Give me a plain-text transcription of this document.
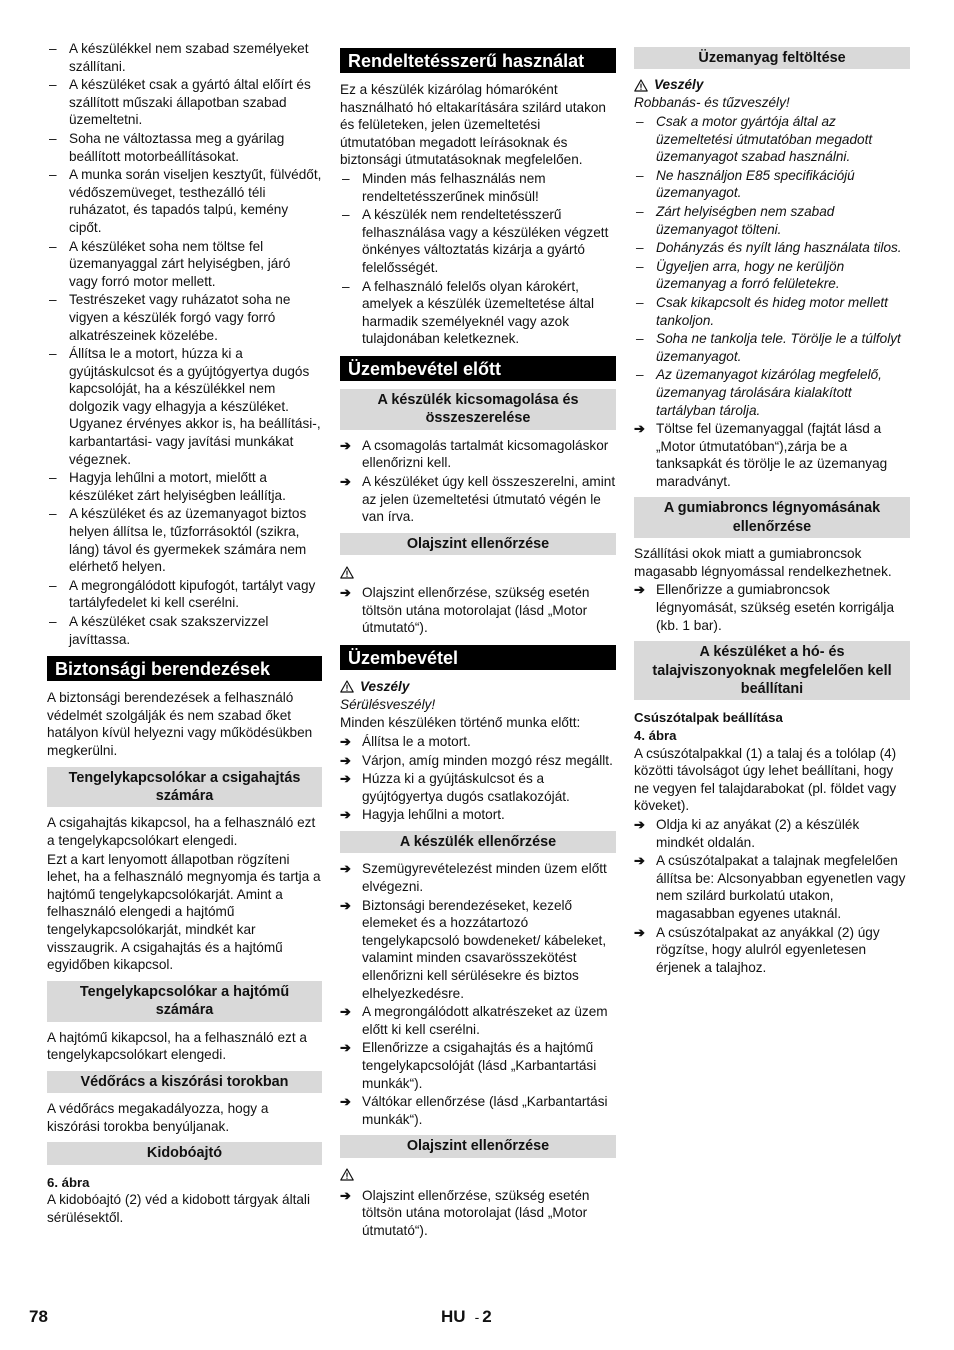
– A készülékkel nem szabad személyeket szállítani.
– A készüléket csak a gyártó által előírt és szállított műszaki állapotban szabad üzemeltetni.
– Soha ne változtassa meg a gyárilag beállított motorbeállításokat.
– A munka során viseljen kesztyűt, fülvédőt, védőszemüveget, testhezálló téli ruházatot, és tapadós talpú, kemény cipőt.
– A készüléket soha nem töltse fel üzemanyaggal zárt helyiségben, járó vagy forró motor mellett.
– Testrészeket vagy ruházatot soha ne vigyen a készülék forgó vagy forró alkatrészeinek közelébe.
– Állítsa le a motort, húzza ki a gyújtáskulcsot és a gyújtógyertya dugós kapcsolóját, ha a készülékkel nem dolgozik vagy elhagyja a készüléket. Ugyanez érvényes akkor is, ha beállítási-, karbantartási- vagy javítási munkákat végeznek.
– Hagyja lehűlni a motort, mielőtt a készüléket zárt helyiségben leállítja.
– A készüléket és az üzemanyagot biztos helyen állítsa le, tűzforrásoktól (szikra, láng) távol és gyermekek számára nem elérhető helyen.
– A megrongálódott kipufogót, tartályt vagy tartályfedelet ki kell cserélni.
– A készüléket csak szakszervizzel javíttassa.
Biztonsági berendezések
A biztonsági berendezések a felhasználó védelmét szolgálják és nem szabad őket hatályon kívül helyezni vagy működésükben megkerülni.
Tengelykapcsolókar a csigahajtás számára
A csigahajtás kikapcsol, ha a felhasználó ezt a tengelykapcsolókart elengedi.
Ezt a kart lenyomott állapotban rögzíteni lehet, ha a felhasználó megnyomja és tartja a hajtómű tengelykapcsolókarját. Amint a felhasználó elengedi a hajtómű tengelykapcsolókarját, mindkét kar visszaugrik. A csigahajtás és a hajtómű egyidőben kikapcsol.
Tengelykapcsolókar a hajtómű számára
A hajtómű kikapcsol, ha a felhasználó ezt a tengelykapcsolókart elengedi.
Védőrács a kiszórási torokban
A védőrács megakadályozza, hogy a kiszórási torokba benyúljanak.
Kidobóajtó
6. ábra
A kidobóajtó (2) véd a kidobott tárgyak általi sérülésektől.
Rendeltetésszerű használat
Ez a készülék kizárólag hómaróként használható hó eltakarítására szilárd utakon és felületeken, jelen üzemeltetési útmutatóban megadott leírásoknak és biztonsági útmutatásoknak megfelelően.
– Minden más felhasználás nem rendeltetésszerűnek minősül!
– A készülék nem rendeltetésszerű felhasználása vagy a készüléken végzett önkényes változtatás kizárja a gyártó felelősségét.
– A felhasználó felelős olyan károkért, amelyek a készülék üzemeltetése által harmadik személyeknél vagy azok tulajdonában keletkeznek.
Üzembevétel előtt
A készülék kicsomagolása és összeszerelése
➔ A csomagolás tartalmát kicsomagoláskor ellenőrizni kell.
➔ A készüléket úgy kell összeszerelni, amint az jelen üzemeltetési útmutató végén le van írva.
Olajszint ellenőrzése
➔ Olajszint ellenőrzése, szükség esetén töltsön utána motorolajat (lásd „Motor útmutató“).
Üzembevétel
Veszély
Sérülésveszély!
Minden készüléken történő munka előtt:
➔ Állítsa le a motort.
➔ Várjon, amíg minden mozgó rész megállt.
➔ Húzza ki a gyújtáskulcsot és a gyújtógyertya dugós csatlakozóját.
➔ Hagyja lehűlni a motort.
A készülék ellenőrzése
➔ Szemügyrevételezést minden üzem előtt elvégezni.
➔ Biztonsági berendezéseket, kezelő elemeket és a hozzátartozó tengelykapcsoló bowdeneket/ kábeleket, valamint minden csavarösszekötést ellenőrizni kell sérülésekre és biztos elhelyezkedésre.
➔ A megrongálódott alkatrészeket az üzem előtt ki kell cserélni.
➔ Ellenőrizze a csigahajtás és a hajtómű tengelykapcsolóját (lásd „Karbantartási munkák“).
➔ Váltókar ellenőrzése (lásd „Karbantartási munkák“).
Olajszint ellenőrzése
➔ Olajszint ellenőrzése, szükség esetén töltsön utána motorolajat (lásd „Motor útmutató“).
Üzemanyag feltöltése
Veszély
Robbanás- és tűzveszély!
– Csak a motor gyártója által az üzemeltetési útmutatóban megadott üzemanyagot szabad használni.
– Ne használjon E85 specifikációjú üzemanyagot.
– Zárt helyiségben nem szabad üzemanyagot tölteni.
– Dohányzás és nyílt láng használata tilos.
– Ügyeljen arra, hogy ne kerüljön üzemanyag a forró felületekre.
– Csak kikapcsolt és hideg motor mellett tankoljon.
– Soha ne tankolja tele. Törölje le a túlfolyt üzemanyagot.
– Az üzemanyagot kizárólag megfelelő, üzemanyag tárolására kialakított tartályban tárolja.
➔ Töltse fel üzemanyaggal (fajtát lásd a „Motor útmutatóban“),zárja be a tanksapkát és törölje le az üzemanyag maradványt.
A gumiabroncs légnyomásának ellenőrzése
Szállítási okok miatt a gumiabroncsok magasabb légnyomással rendelkezhetnek.
➔ Ellenőrizze a gumiabroncsok légnyomását, szükség esetén korrigálja (kb. 1 bar).
A készüléket a hó- és talajviszonyoknak megfelelően kell beállítani
Csúszótalpak beállítása
4. ábra
A csúszótalpakkal (1) a talaj és a tolólap (4) közötti távolságot úgy lehet beállítani, hogy ne vegyen fel talajdarabokat (pl. földet vagy köveket).
➔ Oldja ki az anyákat (2) a készülék mindkét oldalán.
➔ A csúszótalpakat a talajnak megfelelően állítsa be: Alcsonyabban egyenetlen vagy nem szilárd burkolatú utakon, magasabban egyenes utaknál.
➔ A csúszótalpakat az anyákkal (2) úgy rögzítse, hogy alulról egyenletesen érjenek a talajhoz.
78	HU - 2
